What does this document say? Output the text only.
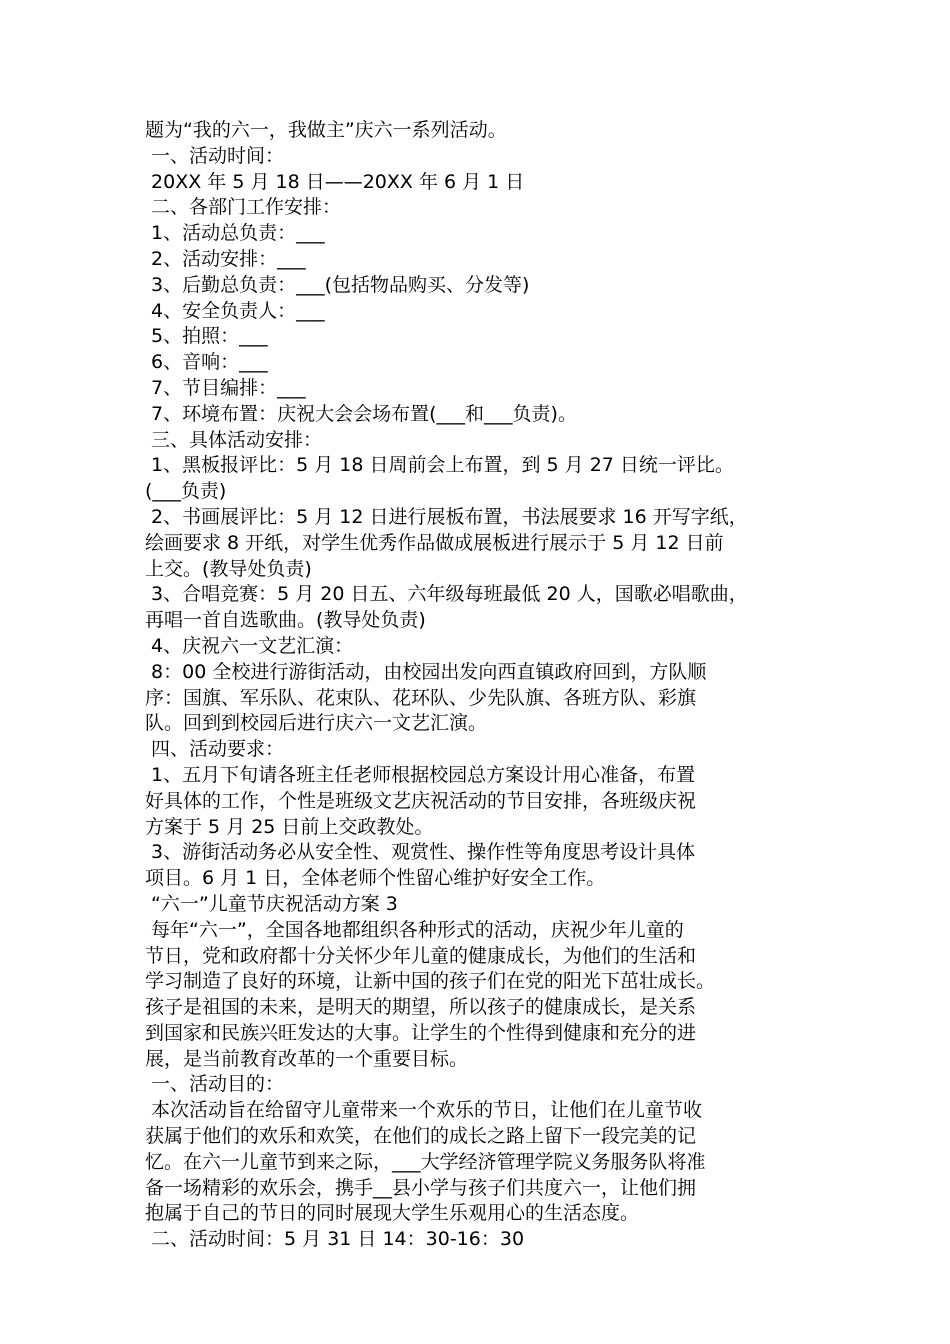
题为“我的六一，我做主”庆六一系列活动。

一、活动时间：

20XX 年 5 月 18 日——20XX 年 6 月 1 日

二、各部门工作安排：

1、活动总负责：___

2、活动安排：___

3、后勤总负责：___(包括物品购买、分发等)

4、安全负责人：___

5、拍照：___

6、音响：___

7、节目编排：___

7、环境布置：庆祝大会会场布置(___和___负责)。

三、具体活动安排：

1、黑板报评比：5 月 18 日周前会上布置，到 5 月 27 日统一评比。

(___负责)

2、书画展评比：5 月 12 日进行展板布置，书法展要求 16 开写字纸，

绘画要求 8 开纸，对学生优秀作品做成展板进行展示于 5 月 12 日前

上交。(教导处负责)

3、合唱竞赛：5 月 20 日五、六年级每班最低 20 人，国歌必唱歌曲，

再唱一首自选歌曲。(教导处负责)

4、庆祝六一文艺汇演：

8：00 全校进行游街活动，由校园出发向西直镇政府回到，方队顺

序：国旗、军乐队、花束队、花环队、少先队旗、各班方队、彩旗

队。回到到校园后进行庆六一文艺汇演。

四、活动要求：

1、五月下旬请各班主任老师根据校园总方案设计用心准备，布置

好具体的工作，个性是班级文艺庆祝活动的节目安排，各班级庆祝

方案于 5 月 25 日前上交政教处。

3、游街活动务必从安全性、观赏性、操作性等角度思考设计具体

项目。6 月 1 日，全体老师个性留心维护好安全工作。

“六一”儿童节庆祝活动方案 3

每年“六一”，全国各地都组织各种形式的活动，庆祝少年儿童的

节日，党和政府都十分关怀少年儿童的健康成长，为他们的生活和

学习制造了良好的环境，让新中国的孩子们在党的阳光下茁壮成长。

孩子是祖国的未来，是明天的期望，所以孩子的健康成长，是关系

到国家和民族兴旺发达的大事。让学生的个性得到健康和充分的进

展，是当前教育改革的一个重要目标。

一、活动目的：

本次活动旨在给留守儿童带来一个欢乐的节日，让他们在儿童节收

获属于他们的欢乐和欢笑，在他们的成长之路上留下一段完美的记

忆。在六一儿童节到来之际，___大学经济管理学院义务服务队将准

备一场精彩的欢乐会，携手__县小学与孩子们共度六一，让他们拥

抱属于自己的节日的同时展现大学生乐观用心的生活态度。

二、活动时间：5 月 31 日 14：30-16：30
